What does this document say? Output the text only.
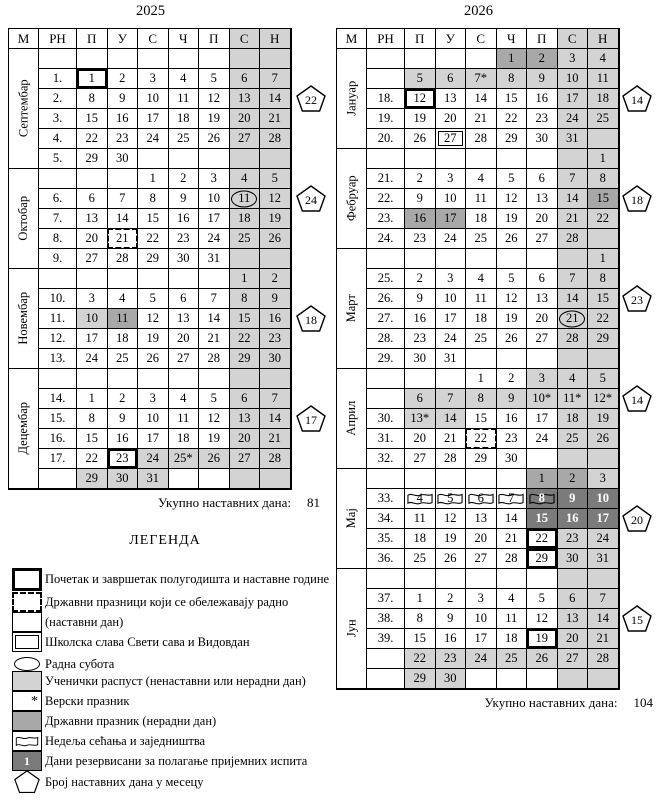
2025	2026
М РН П У С Ч П С Н
Септембар
1. 1 2 3 4 5 6 7
2. 8 9 10 11 12 13 14
3. 15 16 17 18 19 20 21
4. 22 23 24 25 26 27 28
5. 29 30
Октобар
1 2 3 4 5
6. 6 7 8 9 10 11 12
7. 13 14 15 16 17 18 19
8. 20 21 22 23 24 25 26
9. 27 28 29 30 31
Новембар
1 2
10. 3 4 5 6 7 8 9
11. 10 11 12 13 14 15 16
12. 17 18 19 20 21 22 23
13. 24 25 26 27 28 29 30
Децембар
14. 1 2 3 4 5 6 7
15. 8 9 10 11 12 13 14
16. 15 16 17 18 19 20 21
17. 22 23 24 25* 26 27 28
29 30 31
М РН П У С Ч П С Н
Јануар
1 2 3 4
5 6 7* 8 9 10 11
18. 12 13 14 15 16 17 18
19. 19 20 21 22 23 24 25
20. 26 27 28 29 30 31
Фебруар
1
21. 2 3 4 5 6 7 8
22. 9 10 11 12 13 14 15
23. 16 17 18 19 20 21 22
24. 23 24 25 26 27 28
Март
1
25. 2 3 4 5 6 7 8
26. 9 10 11 12 13 14 15
27. 16 17 18 19 20 21 22
28. 23 24 25 26 27 28 29
29. 30 31
Април
1 2 3 4 5
6 7 8 9 10* 11* 12*
30. 13* 14 15 16 17 18 19
31. 20 21 22 23 24 25 26
32. 27 28 29 30
Мај
1 2 3
33. 4 5 6 7 8 9 10
34. 11 12 13 14 15 16 17
35. 18 19 20 21 22 23 24
36. 25 26 27 28 29 30 31
Јун
37. 1 2 3 4 5 6 7
38. 8 9 10 11 12 13 14
39. 15 16 17 18 19 20 21
22 23 24 25 26 27 28
29 30
Укупно наставних дана: 81
Укупно наставних дана: 104
ЛЕГЕНДА
Почетак и завршетак полугодишта и наставне године
Државни празници који се обележавају радно
(наставни дан)
Школска слава Свети сава и Видовдан
Радна субота
Ученички распуст (ненаставни или нерадни дан)
* Верски празник
Државни празник (нерадни дан)
Недеља сећања и заједништва
1	Дани резервисани за полагање пријемних испита
Број наставних дана у месецу
22
24
18
17
14
18
23
14
20
15
